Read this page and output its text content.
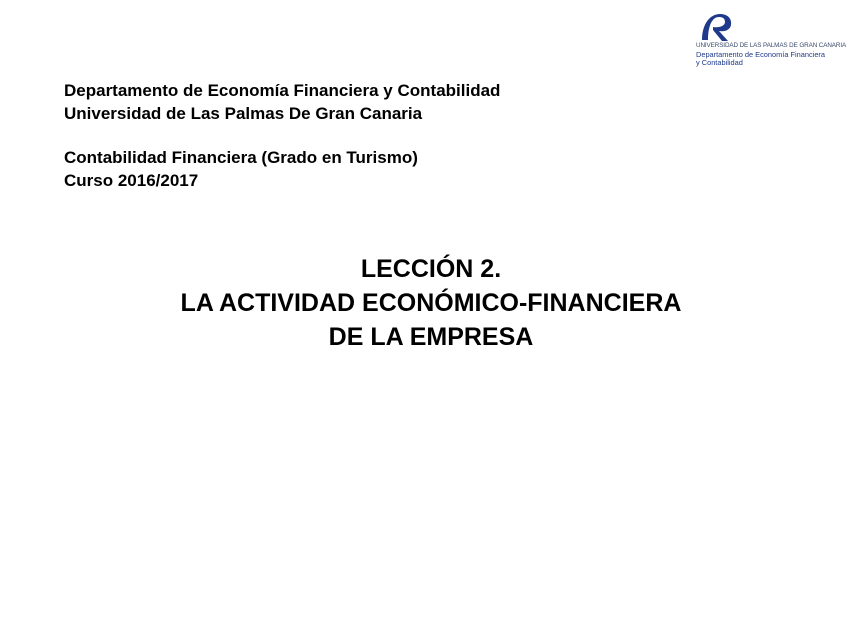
UNIVERSIDAD DE LAS PALMAS DE GRAN CANARIA
Departamento de Economía Financiera
y Contabilidad
Departamento de Economía Financiera y Contabilidad
Universidad de Las Palmas De Gran Canaria
Contabilidad Financiera (Grado en Turismo)
Curso 2016/2017
LECCIÓN 2.
LA ACTIVIDAD ECONÓMICO-FINANCIERA
DE LA EMPRESA
